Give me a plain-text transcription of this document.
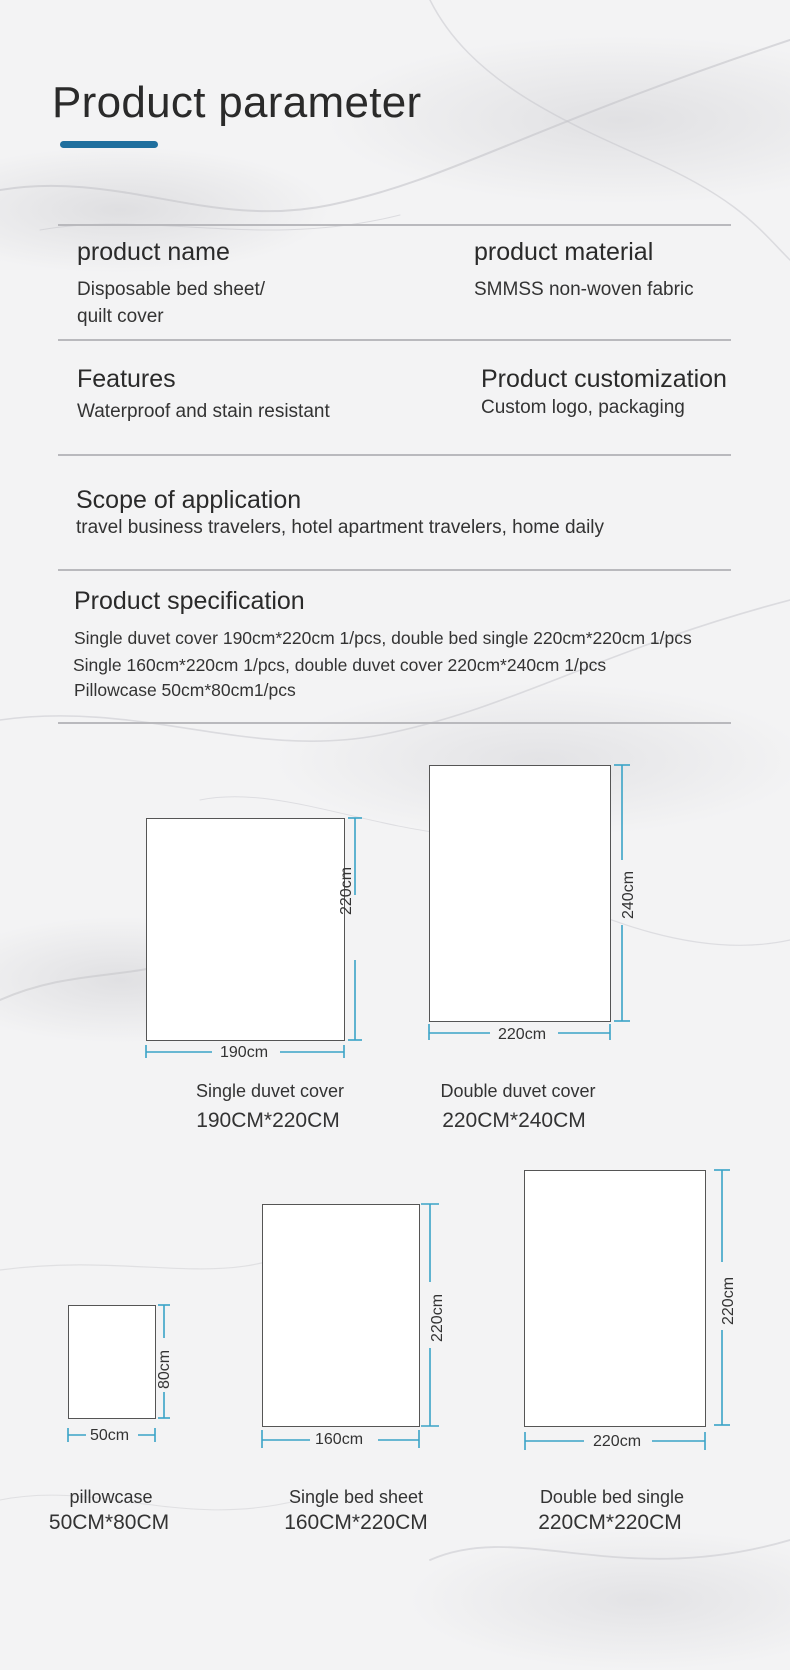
Product parameter
product name
Disposable bed sheet/
quilt cover
product material
SMMSS non-woven fabric
Features
Waterproof and stain resistant
Product customization
Custom logo, packaging
Scope of application
travel business travelers, hotel apartment travelers, home daily
Product specification
Single duvet cover 190cm*220cm 1/pcs, double bed single 220cm*220cm 1/pcs
Single 160cm*220cm 1/pcs, double duvet cover 220cm*240cm 1/pcs
Pillowcase 50cm*80cm1/pcs
190cm
220cm
220cm
240cm
50cm
80cm
160cm
220cm
220cm
220cm
Single duvet cover
190CM*220CM
Double duvet cover
220CM*240CM
pillowcase
50CM*80CM
Single bed sheet
160CM*220CM
Double bed single
220CM*220CM
